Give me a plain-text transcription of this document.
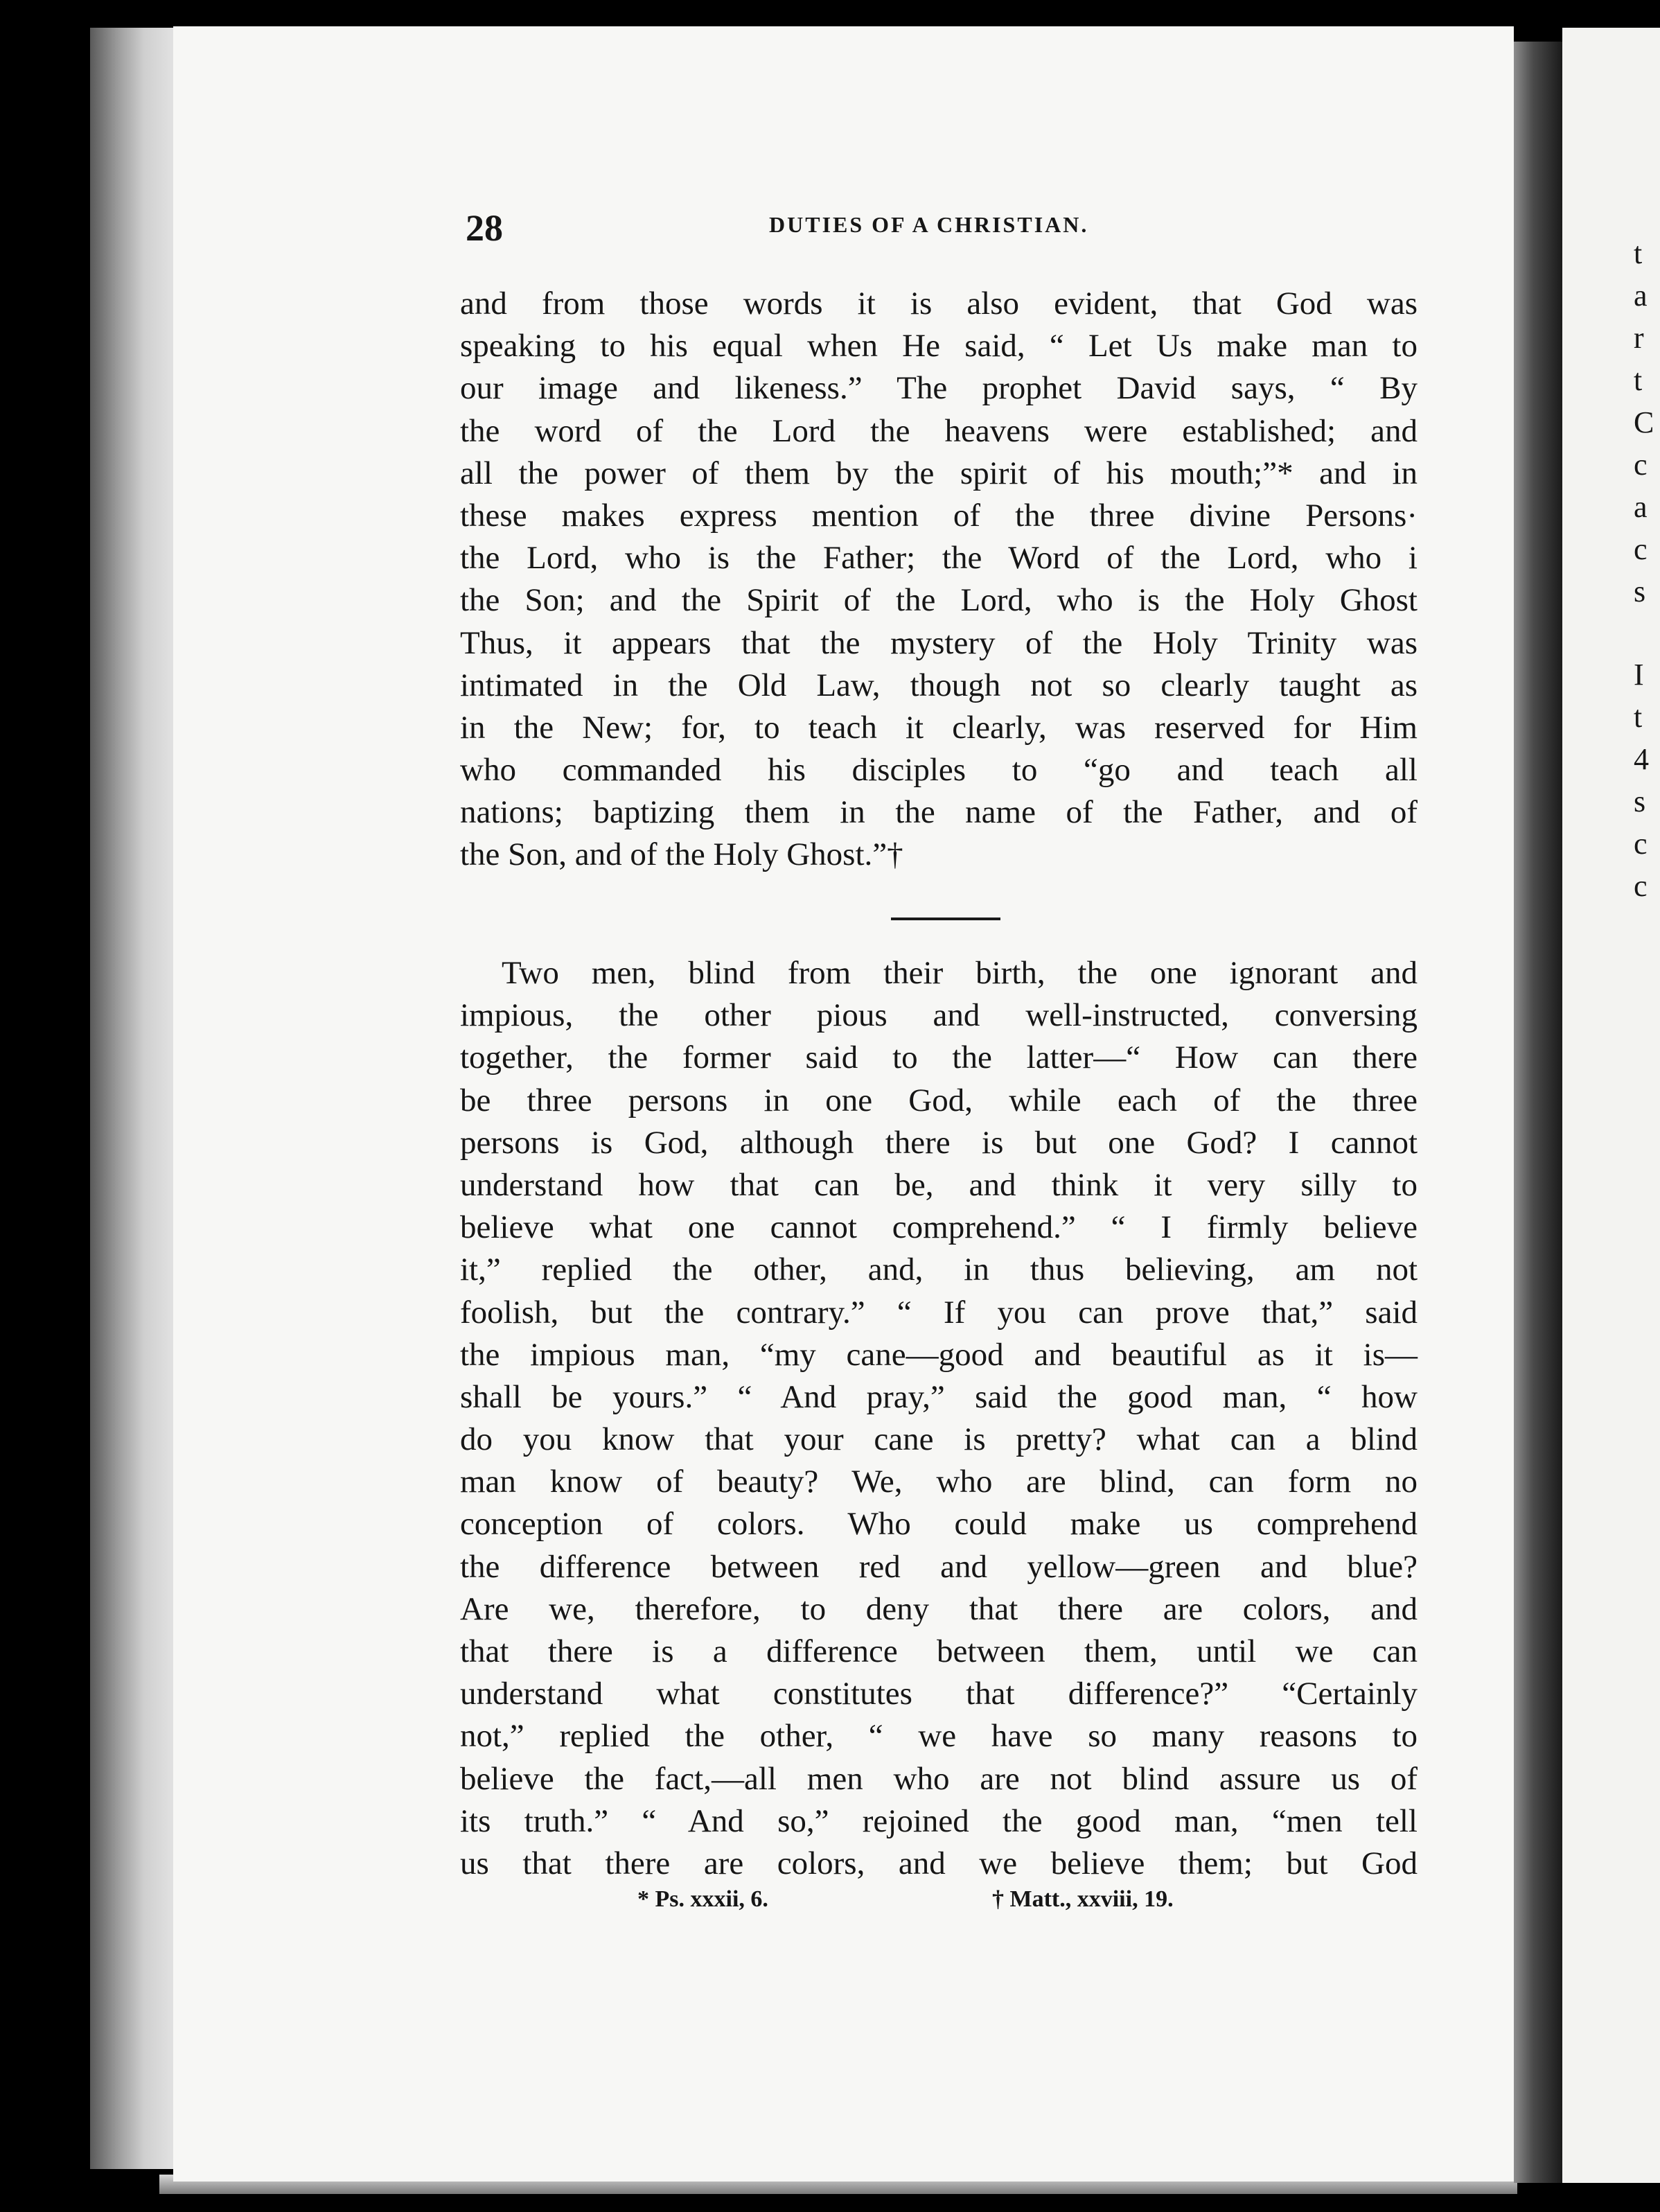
28	DUTIES OF A CHRISTIAN.
and from those words it is also evident, that God was
speaking to his equal when He said, “ Let Us make man to
our image and likeness.” The prophet David says, “ By
the word of the Lord the heavens were established; and
all the power of them by the spirit of his mouth;”* and in
these makes express mention of the three divine Persons·
the Lord, who is the Father; the Word of the Lord, who i
the Son; and the Spirit of the Lord, who is the Holy Ghost
Thus, it appears that the mystery of the Holy Trinity was
intimated in the Old Law, though not so clearly taught as
in the New; for, to teach it clearly, was reserved for Him
who commanded his disciples to “go and teach all
nations; baptizing them in the name of the Father, and of
the Son, and of the Holy Ghost.”†
Two men, blind from their birth, the one ignorant and
impious, the other pious and well-instructed, conversing
together, the former said to the latter—“ How can there
be three persons in one God, while each of the three
persons is God, although there is but one God? I cannot
understand how that can be, and think it very silly to
believe what one cannot comprehend.” “ I firmly believe
it,” replied the other, and, in thus believing, am not
foolish, but the contrary.” “ If you can prove that,” said
the impious man, “my cane—good and beautiful as it is—
shall be yours.” “ And pray,” said the good man, “ how
do you know that your cane is pretty? what can a blind
man know of beauty? We, who are blind, can form no
conception of colors. Who could make us comprehend
the difference between red and yellow—green and blue?
Are we, therefore, to deny that there are colors, and
that there is a difference between them, until we can
understand what constitutes that difference?” “Certainly
not,” replied the other, “ we have so many reasons to
believe the fact,—all men who are not blind assure us of
its truth.” “ And so,” rejoined the good man, “men tell
us that there are colors, and we believe them; but God
* Ps. xxxii, 6.	† Matt., xxviii, 19.
t
a
r
t
C
c
a
c
s
I
t
4
s
c
c
